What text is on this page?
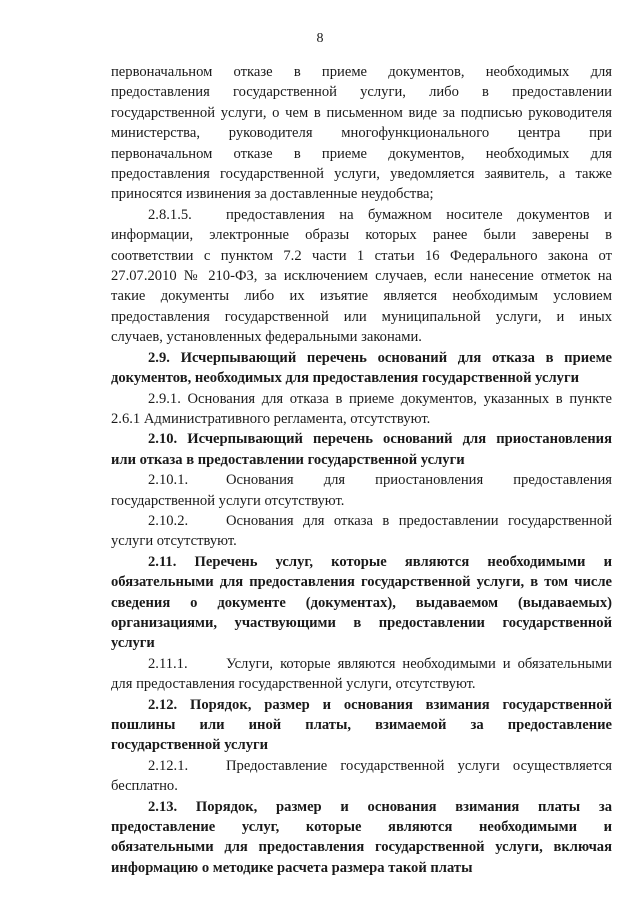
8

первоначальном отказе в приеме документов, необходимых для

предоставления государственной услуги, либо в предоставлении

государственной услуги, о чем в письменном виде за подписью руководителя

министерства, руководителя многофункционального центра при

первоначальном отказе в приеме документов, необходимых для

предоставления государственной услуги, уведомляется заявитель, а также

приносятся извинения за доставленные неудобства;

2.8.1.5. предоставления на бумажном носителе документов и

информации, электронные образы которых ранее были заверены в

соответствии с пунктом 7.2 части 1 статьи 16 Федерального закона от

27.07.2010 № 210-ФЗ, за исключением случаев, если нанесение отметок на

такие документы либо их изъятие является необходимым условием

предоставления государственной или муниципальной услуги, и иных

случаев, установленных федеральными законами.

2.9. Исчерпывающий перечень оснований для отказа в приеме

документов, необходимых для предоставления государственной услуги

2.9.1. Основания для отказа в приеме документов, указанных в пункте

2.6.1 Административного регламента, отсутствуют.

2.10. Исчерпывающий перечень оснований для приостановления

или отказа в предоставлении государственной услуги

2.10.1.	Основания для приостановления предоставления

государственной услуги отсутствуют.

2.10.2.	Основания для отказа в предоставлении государственной

услуги отсутствуют.

2.11. Перечень услуг, которые являются необходимыми и

обязательными для предоставления государственной услуги, в том числе

сведения о документе (документах), выдаваемом (выдаваемых)

организациями, участвующими в предоставлении государственной

услуги

2.11.1.	Услуги, которые являются необходимыми и обязательными

для предоставления государственной услуги, отсутствуют.

2.12. Порядок, размер и основания взимания государственной

пошлины или иной платы, взимаемой за предоставление

государственной услуги

2.12.1.	Предоставление государственной услуги осуществляется

бесплатно.

2.13. Порядок, размер и основания взимания платы за

предоставление услуг, которые являются необходимыми и

обязательными для предоставления государственной услуги, включая

информацию о методике расчета размера такой платы
